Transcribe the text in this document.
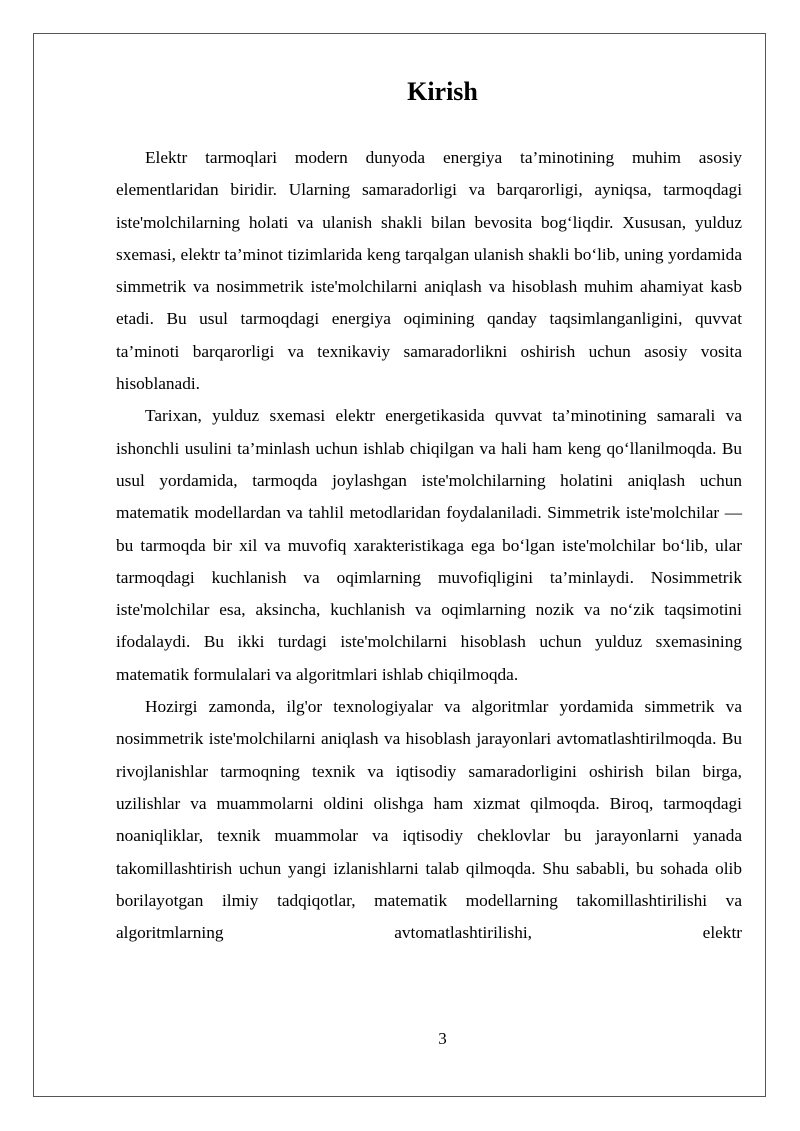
Kirish

Elektr tarmoqlari modern dunyoda energiya ta’minotining muhim asosiy elementlaridan biridir. Ularning samaradorligi va barqarorligi, ayniqsa, tarmoqdagi iste'molchilarning holati va ulanish shakli bilan bevosita bog‘liqdir. Xususan, yulduz sxemasi, elektr ta’minot tizimlarida keng tarqalgan ulanish shakli bo‘lib, uning yordamida simmetrik va nosimmetrik iste'molchilarni aniqlash va hisoblash muhim ahamiyat kasb etadi. Bu usul tarmoqdagi energiya oqimining qanday taqsimlanganligini, quvvat ta’minoti barqarorligi va texnikaviy samaradorlikni oshirish uchun asosiy vosita hisoblanadi.

Tarixan, yulduz sxemasi elektr energetikasida quvvat ta’minotining samarali va ishonchli usulini ta’minlash uchun ishlab chiqilgan va hali ham keng qo‘llanilmoqda. Bu usul yordamida, tarmoqda joylashgan iste'molchilarning holatini aniqlash uchun matematik modellardan va tahlil metodlaridan foydalaniladi. Simmetrik iste'molchilar — bu tarmoqda bir xil va muvofiq xarakteristikaga ega bo‘lgan iste'molchilar bo‘lib, ular tarmoqdagi kuchlanish va oqimlarning muvofiqligini ta’minlaydi. Nosimmetrik iste'molchilar esa, aksincha, kuchlanish va oqimlarning nozik va no‘zik taqsimotini ifodalaydi. Bu ikki turdagi iste'molchilarni hisoblash uchun yulduz sxemasining matematik formulalari va algoritmlari ishlab chiqilmoqda.

Hozirgi zamonda, ilg'or texnologiyalar va algoritmlar yordamida simmetrik va nosimmetrik iste'molchilarni aniqlash va hisoblash jarayonlari avtomatlashtirilmoqda. Bu rivojlanishlar tarmoqning texnik va iqtisodiy samaradorligini oshirish bilan birga, uzilishlar va muammolarni oldini olishga ham xizmat qilmoqda. Biroq, tarmoqdagi noaniqliklar, texnik muammolar va iqtisodiy cheklovlar bu jarayonlarni yanada takomillashtirish uchun yangi izlanishlarni talab qilmoqda. Shu sababli, bu sohada olib borilayotgan ilmiy tadqiqotlar, matematik modellarning takomillashtirilishi va algoritmlarning avtomatlashtirilishi, elektr

3
